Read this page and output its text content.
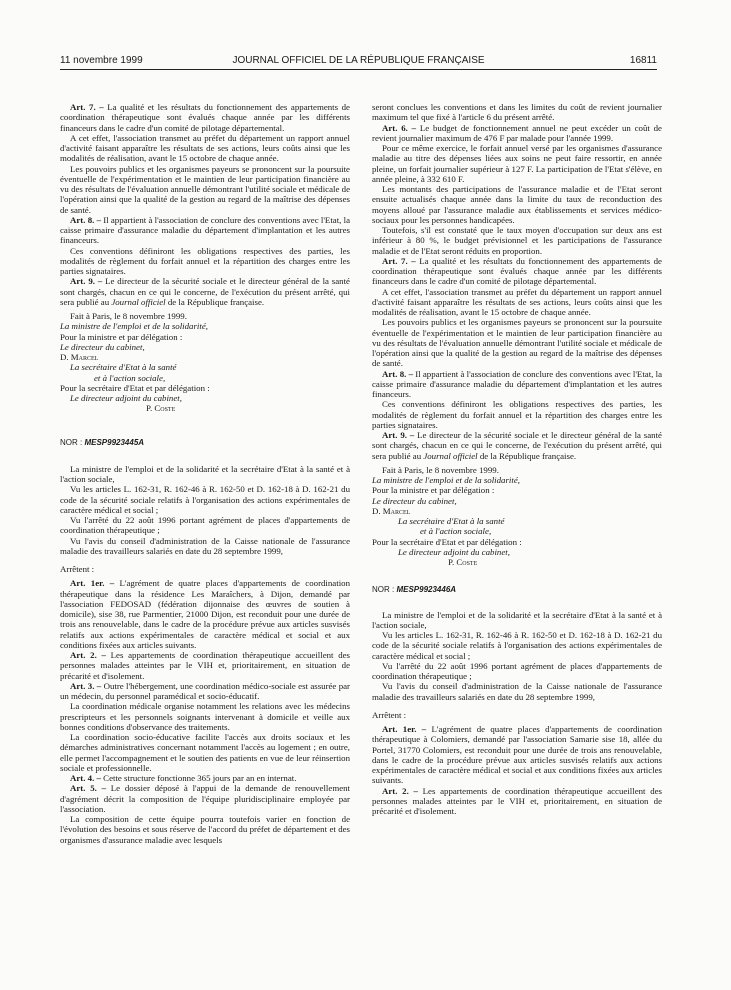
11 novembre 1999	JOURNAL OFFICIEL DE LA RÉPUBLIQUE FRANÇAISE	16811

Art. 7. – La qualité et les résultats du fonctionnement des appartements de coordination thérapeutique sont évalués chaque année par les différents financeurs dans le cadre d'un comité de pilotage départemental.

A cet effet, l'association transmet au préfet du département un rapport annuel d'activité faisant apparaître les résultats de ses actions, leurs coûts ainsi que les modalités de réalisation, avant le 15 octobre de chaque année.

Les pouvoirs publics et les organismes payeurs se prononcent sur la poursuite éventuelle de l'expérimentation et le maintien de leur participation financière au vu des résultats de l'évaluation annuelle démontrant l'utilité sociale et médicale de l'opération ainsi que la qualité de la gestion au regard de la maîtrise des dépenses de santé.

Art. 8. – Il appartient à l'association de conclure des conventions avec l'Etat, la caisse primaire d'assurance maladie du département d'implantation et les autres financeurs.

Ces conventions définiront les obligations respectives des parties, les modalités de règlement du forfait annuel et la répartition des charges entre les parties signataires.

Art. 9. – Le directeur de la sécurité sociale et le directeur général de la santé sont chargés, chacun en ce qui le concerne, de l'exécution du présent arrêté, qui sera publié au Journal officiel de la République française.

Fait à Paris, le 8 novembre 1999.

La ministre de l'emploi et de la solidarité,

Pour la ministre et par délégation :

Le directeur du cabinet,

D. Marcel

La secrétaire d'Etat à la santé

et à l'action sociale,

Pour la secrétaire d'Etat et par délégation :

Le directeur adjoint du cabinet,

P. Coste

NOR : MESP9923445A

La ministre de l'emploi et de la solidarité et la secrétaire d'Etat à la santé et à l'action sociale,

Vu les articles L. 162-31, R. 162-46 à R. 162-50 et D. 162-18 à D. 162-21 du code de la sécurité sociale relatifs à l'organisation des actions expérimentales de caractère médical et social ;

Vu l'arrêté du 22 août 1996 portant agrément de places d'appartements de coordination thérapeutique ;

Vu l'avis du conseil d'administration de la Caisse nationale de l'assurance maladie des travailleurs salariés en date du 28 septembre 1999,

Arrêtent :

Art. 1er. – L'agrément de quatre places d'appartements de coordination thérapeutique dans la résidence Les Maraîchers, à Dijon, demandé par l'association FEDOSAD (fédération dijonnaise des œuvres de soutien à domicile), sise 38, rue Parmentier, 21000 Dijon, est reconduit pour une durée de trois ans renouvelable, dans le cadre de la procédure prévue aux articles susvisés relatifs aux actions expérimentales de caractère médical et social et aux conditions fixées aux articles suivants.

Art. 2. – Les appartements de coordination thérapeutique accueillent des personnes malades atteintes par le VIH et, prioritairement, en situation de précarité et d'isolement.

Art. 3. – Outre l'hébergement, une coordination médico-sociale est assurée par un médecin, du personnel paramédical et socio-éducatif.

La coordination médicale organise notamment les relations avec les médecins prescripteurs et les personnels soignants intervenant à domicile et veille aux bonnes conditions d'observance des traitements.

La coordination socio-éducative facilite l'accès aux droits sociaux et les démarches administratives concernant notamment l'accès au logement ; en outre, elle permet l'accompagnement et le soutien des patients en vue de leur réinsertion sociale et professionnelle.

Art. 4. – Cette structure fonctionne 365 jours par an en internat.

Art. 5. – Le dossier déposé à l'appui de la demande de renouvellement d'agrément décrit la composition de l'équipe pluridisciplinaire employée par l'association.

La composition de cette équipe pourra toutefois varier en fonction de l'évolution des besoins et sous réserve de l'accord du préfet de département et des organismes d'assurance maladie avec lesquels

seront conclues les conventions et dans les limites du coût de revient journalier maximum tel que fixé à l'article 6 du présent arrêté.

Art. 6. – Le budget de fonctionnement annuel ne peut excéder un coût de revient journalier maximum de 476 F par malade pour l'année 1999.

Pour ce même exercice, le forfait annuel versé par les organismes d'assurance maladie au titre des dépenses liées aux soins ne peut faire ressortir, en année pleine, un forfait journalier supérieur à 127 F. La participation de l'Etat s'élève, en année pleine, à 332 610 F.

Les montants des participations de l'assurance maladie et de l'Etat seront ensuite actualisés chaque année dans la limite du taux de reconduction des moyens alloué par l'assurance maladie aux établissements et services médico-sociaux pour les personnes handicapées.

Toutefois, s'il est constaté que le taux moyen d'occupation sur deux ans est inférieur à 80 %, le budget prévisionnel et les participations de l'assurance maladie et de l'Etat seront réduits en proportion.

Art. 7. – La qualité et les résultats du fonctionnement des appartements de coordination thérapeutique sont évalués chaque année par les différents financeurs dans le cadre d'un comité de pilotage départemental.

A cet effet, l'association transmet au préfet du département un rapport annuel d'activité faisant apparaître les résultats de ses actions, leurs coûts ainsi que les modalités de réalisation, avant le 15 octobre de chaque année.

Les pouvoirs publics et les organismes payeurs se prononcent sur la poursuite éventuelle de l'expérimentation et le maintien de leur participation financière au vu des résultats de l'évaluation annuelle démontrant l'utilité sociale et médicale de l'opération ainsi que la qualité de la gestion au regard de la maîtrise des dépenses de santé.

Art. 8. – Il appartient à l'association de conclure des conventions avec l'Etat, la caisse primaire d'assurance maladie du département d'implantation et les autres financeurs.

Ces conventions définiront les obligations respectives des parties, les modalités de règlement du forfait annuel et la répartition des charges entre les parties signataires.

Art. 9. – Le directeur de la sécurité sociale et le directeur général de la santé sont chargés, chacun en ce qui le concerne, de l'exécution du présent arrêté, qui sera publié au Journal officiel de la République française.

Fait à Paris, le 8 novembre 1999.

La ministre de l'emploi et de la solidarité,

Pour la ministre et par délégation :

Le directeur du cabinet,

D. Marcel

La secrétaire d'Etat à la santé

et à l'action sociale,

Pour la secrétaire d'Etat et par délégation :

Le directeur adjoint du cabinet,

P. Coste

NOR : MESP9923446A

La ministre de l'emploi et de la solidarité et la secrétaire d'Etat à la santé et à l'action sociale,

Vu les articles L. 162-31, R. 162-46 à R. 162-50 et D. 162-18 à D. 162-21 du code de la sécurité sociale relatifs à l'organisation des actions expérimentales de caractère médical et social ;

Vu l'arrêté du 22 août 1996 portant agrément de places d'appartements de coordination thérapeutique ;

Vu l'avis du conseil d'administration de la Caisse nationale de l'assurance maladie des travailleurs salariés en date du 28 septembre 1999,

Arrêtent :

Art. 1er. – L'agrément de quatre places d'appartements de coordination thérapeutique à Colomiers, demandé par l'association Samarie sise 18, allée du Portel, 31770 Colomiers, est reconduit pour une durée de trois ans renouvelable, dans le cadre de la procédure prévue aux articles susvisés relatifs aux actions expérimentales de caractère médical et social et aux conditions fixées aux articles suivants.

Art. 2. – Les appartements de coordination thérapeutique accueillent des personnes malades atteintes par le VIH et, prioritairement, en situation de précarité et d'isolement.
